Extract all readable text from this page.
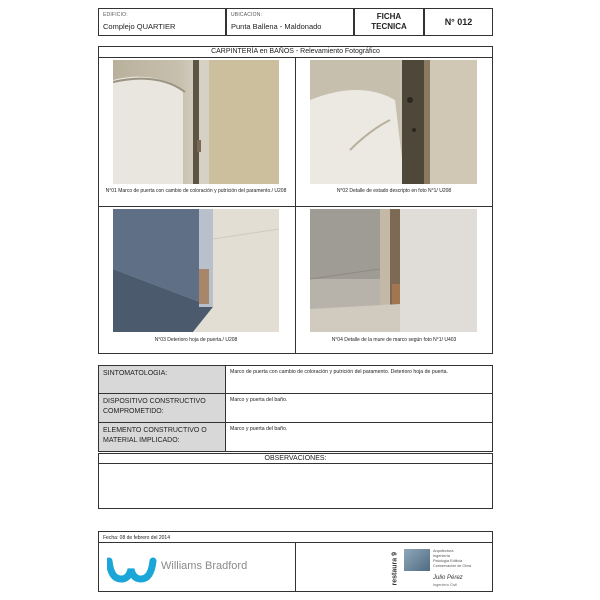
EDIFICIO:
Complejo QUARTIER
UBICACION:
Punta Ballena - Maldonado
FICHA
TECNICA	N° 012
CARPINTERÍA en BAÑOS - Relevamiento Fotográfico
N°01 Marco de puerta con cambio de coloración y putrición del paramento./ U208	N°02 Detalle de estado descripto en foto N°1/ U208
N°03 Deterioro hoja de puerta./ U208	N°04 Detalle de la mure de marco según foto N°1/ U403
SINTOMATOLOGIA:	Marco de puerta con cambio de coloración y putrición del paramento. Deterioro hoja de puerta.
DISPOSITIVO CONSTRUCTIVO COMPROMETIDO:
Marco y puerta del baño.
ELEMENTO CONSTRUCTIVO O MATERIAL IMPLICADO:
Marco y puerta del baño.
OBSERVACIONES:
Fecha: 08 de febrero del 2014
Williams Bradford	restaura 9
Arquitectura
Ingeniería
Patología Edilicia
Conservación de Obra
Julio Pérez
Ingeniero Civil
